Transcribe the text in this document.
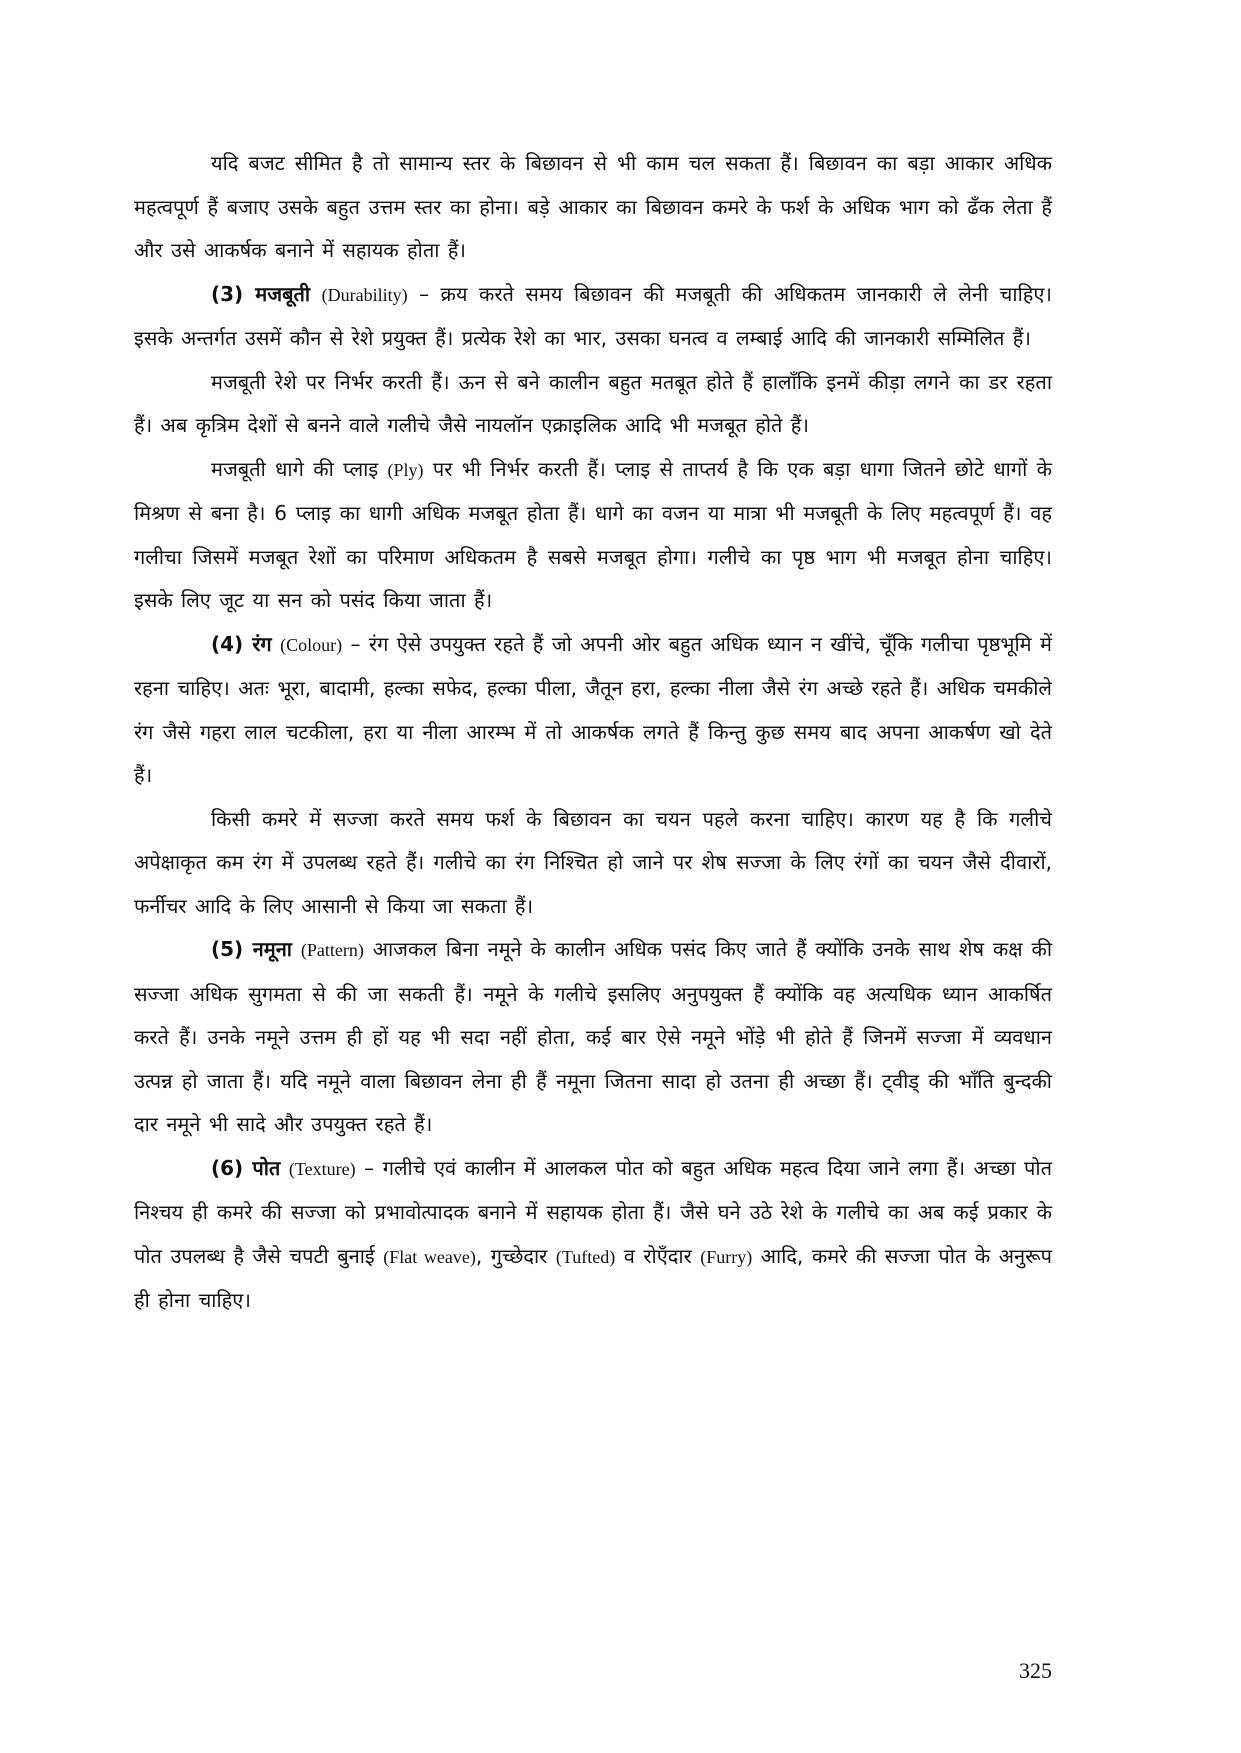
यदि बजट सीमित है तो सामान्य स्तर के बिछावन से भी काम चल सकता हैं। बिछावन का बड़ा आकार अधिक महत्वपूर्ण हैं बजाए उसके बहुत उत्तम स्तर का होना। बड़े आकार का बिछावन कमरे के फर्श के अधिक भाग को ढँक लेता हैं और उसे आकर्षक बनाने में सहायक होता हैं।

(3) मजबूती (Durability) – क्रय करते समय बिछावन की मजबूती की अधिकतम जानकारी ले लेनी चाहिए। इसके अन्तर्गत उसमें कौन से रेशे प्रयुक्त हैं। प्रत्येक रेशे का भार, उसका घनत्व व लम्बाई आदि की जानकारी सम्मिलित हैं।

मजबूती रेशे पर निर्भर करती हैं। ऊन से बने कालीन बहुत मतबूत होते हैं हालाँकि इनमें कीड़ा लगने का डर रहता हैं। अब कृत्रिम देशों से बनने वाले गलीचे जैसे नायलॉन एक्राइलिक आदि भी मजबूत होते हैं।

मजबूती धागे की प्लाइ (Ply) पर भी निर्भर करती हैं। प्लाइ से ताप्तर्य है कि एक बड़ा धागा जितने छोटे धागों के मिश्रण से बना है। 6 प्लाइ का धागी अधिक मजबूत होता हैं। धागे का वजन या मात्रा भी मजबूती के लिए महत्वपूर्ण हैं। वह गलीचा जिसमें मजबूत रेशों का परिमाण अधिकतम है सबसे मजबूत होगा। गलीचे का पृष्ठ भाग भी मजबूत होना चाहिए। इसके लिए जूट या सन को पसंद किया जाता हैं।

(4) रंग (Colour) – रंग ऐसे उपयुक्त रहते हैं जो अपनी ओर बहुत अधिक ध्यान न खींचे, चूँकि गलीचा पृष्ठभूमि में रहना चाहिए। अतः भूरा, बादामी, हल्का सफेद, हल्का पीला, जैतून हरा, हल्का नीला जैसे रंग अच्छे रहते हैं। अधिक चमकीले रंग जैसे गहरा लाल चटकीला, हरा या नीला आरम्भ में तो आकर्षक लगते हैं किन्तु कुछ समय बाद अपना आकर्षण खो देते हैं।

किसी कमरे में सज्जा करते समय फर्श के बिछावन का चयन पहले करना चाहिए। कारण यह है कि गलीचे अपेक्षाकृत कम रंग में उपलब्ध रहते हैं। गलीचे का रंग निश्चित हो जाने पर शेष सज्जा के लिए रंगों का चयन जैसे दीवारों, फर्नीचर आदि के लिए आसानी से किया जा सकता हैं।

(5) नमूना (Pattern) आजकल बिना नमूने के कालीन अधिक पसंद किए जाते हैं क्योंकि उनके साथ शेष कक्ष की सज्जा अधिक सुगमता से की जा सकती हैं। नमूने के गलीचे इसलिए अनुपयुक्त हैं क्योंकि वह अत्यधिक ध्यान आकर्षित करते हैं। उनके नमूने उत्तम ही हों यह भी सदा नहीं होता, कई बार ऐसे नमूने भोंड़े भी होते हैं जिनमें सज्जा में व्यवधान उत्पन्न हो जाता हैं। यदि नमूने वाला बिछावन लेना ही हैं नमूना जितना सादा हो उतना ही अच्छा हैं। ट्वीड् की भाँति बुन्दकी दार नमूने भी सादे और उपयुक्त रहते हैं।

(6) पोत (Texture) – गलीचे एवं कालीन में आलकल पोत को बहुत अधिक महत्व दिया जाने लगा हैं। अच्छा पोत निश्चय ही कमरे की सज्जा को प्रभावोत्पादक बनाने में सहायक होता हैं। जैसे घने उठे रेशे के गलीचे का अब कई प्रकार के पोत उपलब्ध है जैसे चपटी बुनाई (Flat weave), गुच्छेदार (Tufted) व रोएँदार (Furry) आदि, कमरे की सज्जा पोत के अनुरूप ही होना चाहिए।

325
